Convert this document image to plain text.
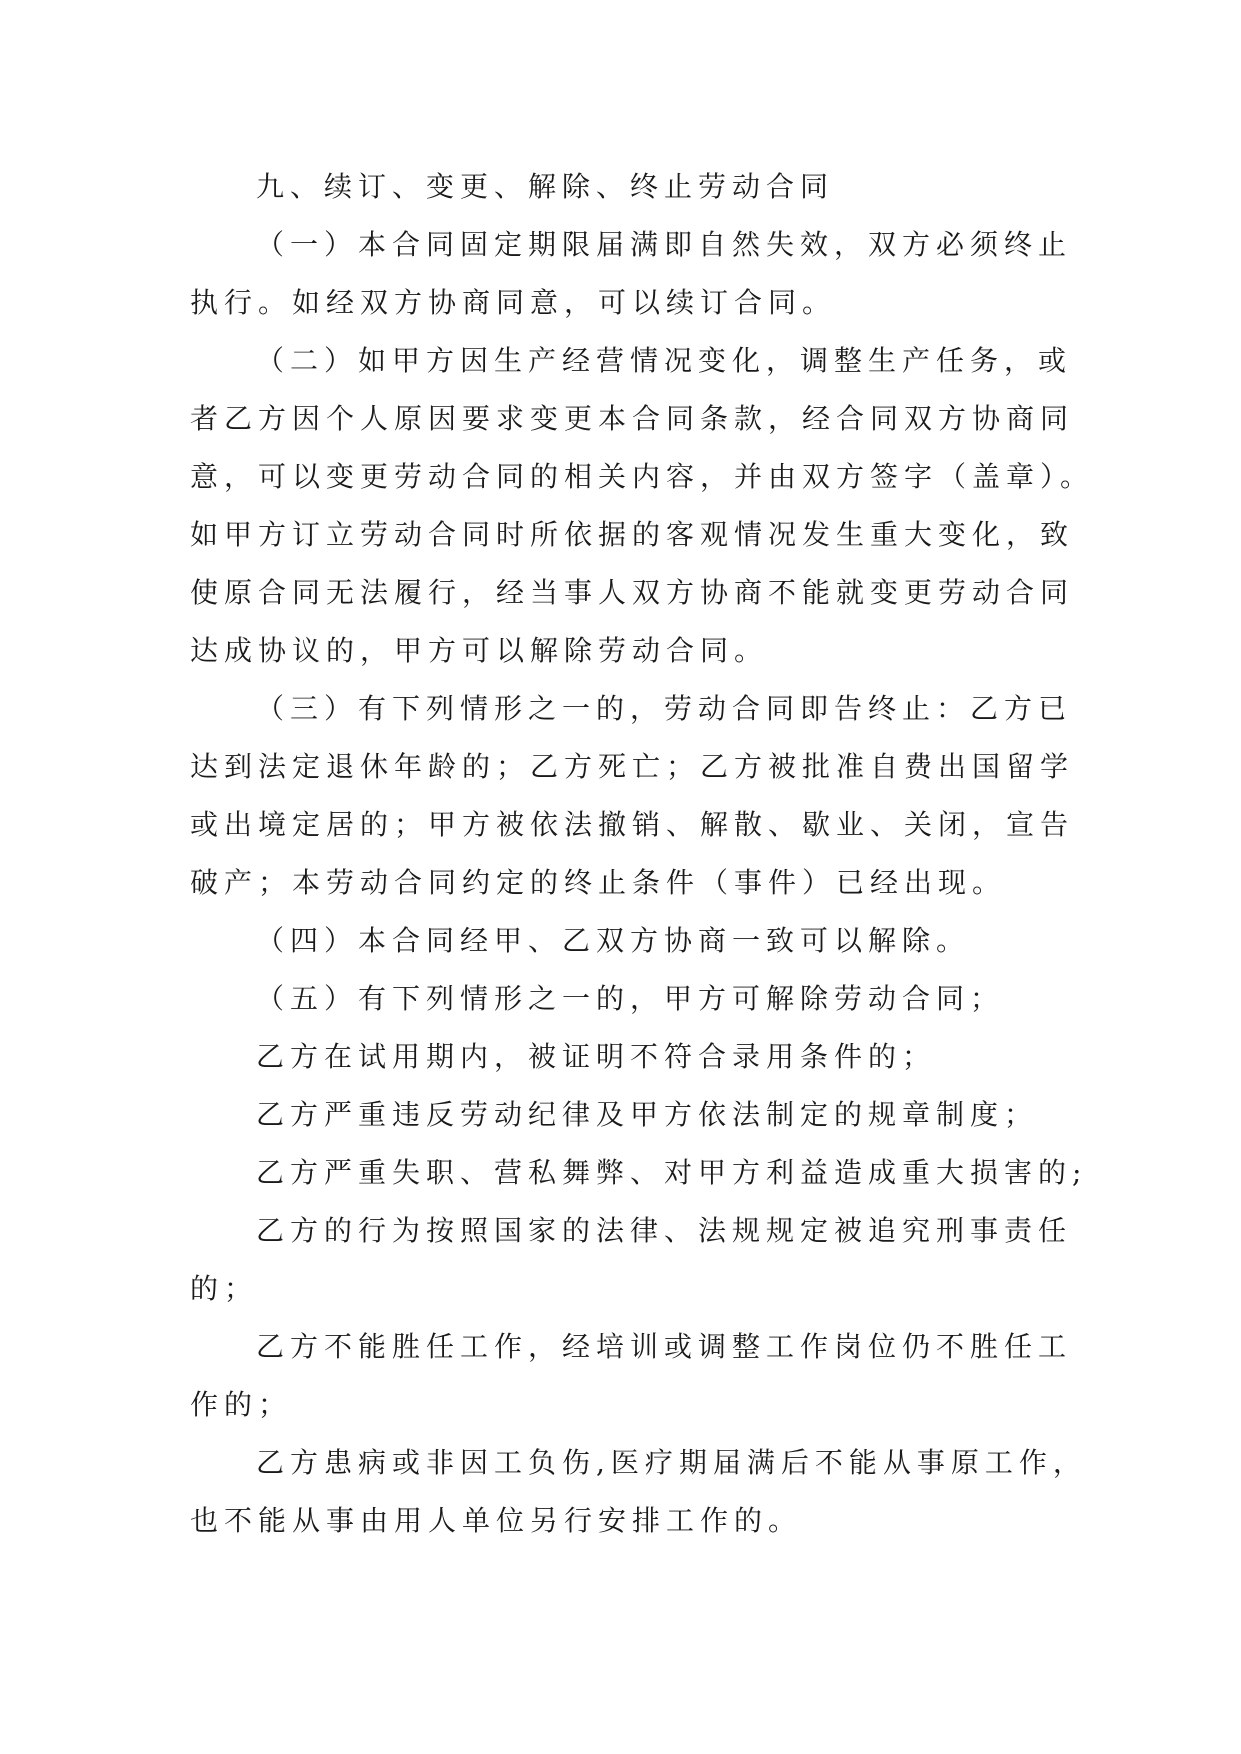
九、续订、变更、解除、终止劳动合同
（一）本合同固定期限届满即自然失效，双方必须终止
执行。如经双方协商同意，可以续订合同。
（二）如甲方因生产经营情况变化，调整生产任务，或
者乙方因个人原因要求变更本合同条款，经合同双方协商同
意，可以变更劳动合同的相关内容，并由双方签字（盖章）。
如甲方订立劳动合同时所依据的客观情况发生重大变化，致
使原合同无法履行，经当事人双方协商不能就变更劳动合同
达成协议的，甲方可以解除劳动合同。
（三）有下列情形之一的，劳动合同即告终止：乙方已
达到法定退休年龄的；乙方死亡；乙方被批准自费出国留学
或出境定居的；甲方被依法撤销、解散、歇业、关闭，宣告
破产；本劳动合同约定的终止条件（事件）已经出现。
（四）本合同经甲、乙双方协商一致可以解除。
（五）有下列情形之一的，甲方可解除劳动合同；
乙方在试用期内，被证明不符合录用条件的；
乙方严重违反劳动纪律及甲方依法制定的规章制度；
乙方严重失职、营私舞弊、对甲方利益造成重大损害的;
乙方的行为按照国家的法律、法规规定被追究刑事责任
的；
乙方不能胜任工作，经培训或调整工作岗位仍不胜任工
作的；
乙方患病或非因工负伤,医疗期届满后不能从事原工作，
也不能从事由用人单位另行安排工作的。
